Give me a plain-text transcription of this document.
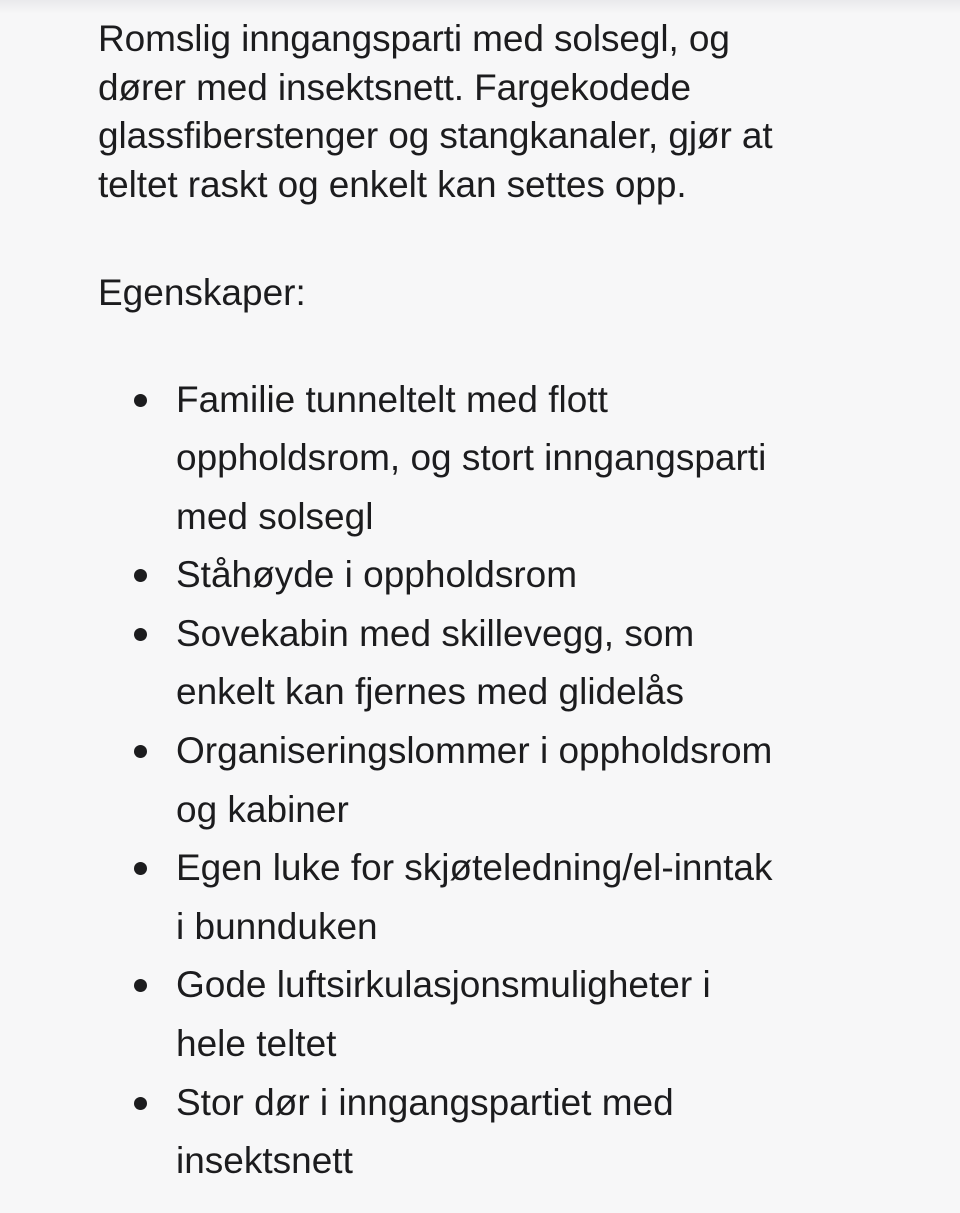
Romslig inngangsparti med solsegl, og
dører med insektsnett. Fargekodede
glassfiberstenger og stangkanaler, gjør at
teltet raskt og enkelt kan settes opp.

Egenskaper:

Familie tunneltelt med flott
oppholdsrom, og stort inngangsparti
med solsegl
Ståhøyde i oppholdsrom
Sovekabin med skillevegg, som
enkelt kan fjernes med glidelås
Organiseringslommer i oppholdsrom
og kabiner
Egen luke for skjøteledning/el-inntak
i bunnduken
Gode luftsirkulasjonsmuligheter i
hele teltet
Stor dør i inngangspartiet med
insektsnett
